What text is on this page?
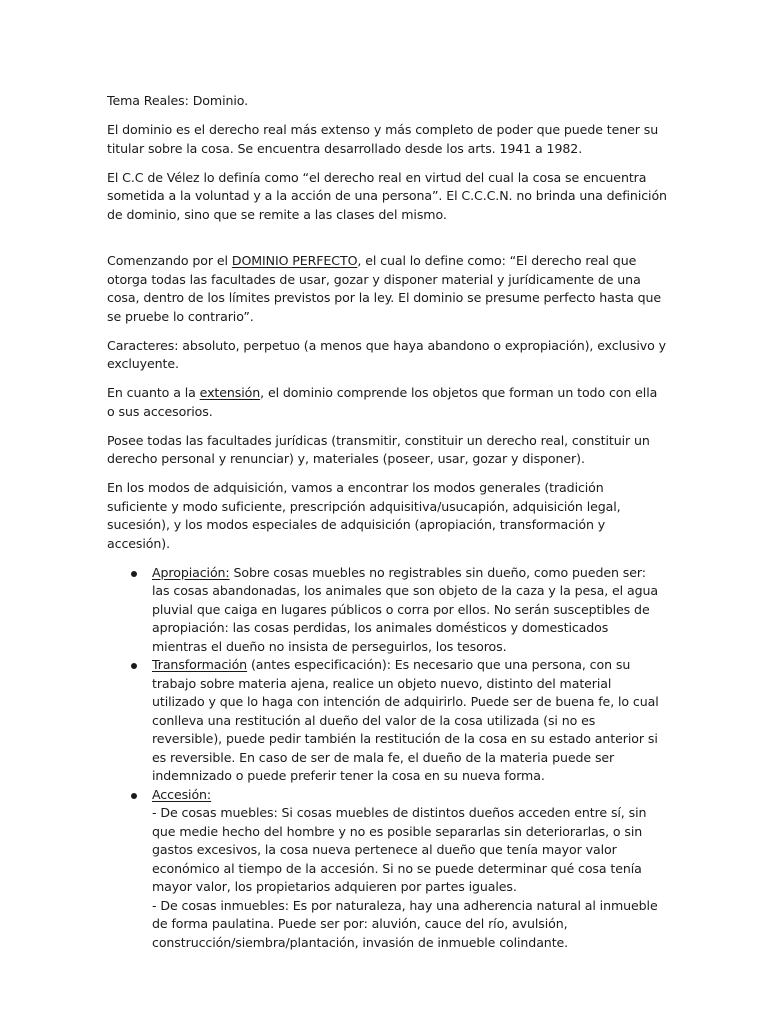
Tema Reales: Dominio.

El dominio es el derecho real más extenso y más completo de poder que puede tener su titular sobre la cosa. Se encuentra desarrollado desde los arts. 1941 a 1982.

El C.C de Vélez lo definía como “el derecho real en virtud del cual la cosa se encuentra sometida a la voluntad y a la acción de una persona”. El C.C.C.N. no brinda una definición de dominio, sino que se remite a las clases del mismo.

Comenzando por el DOMINIO PERFECTO, el cual lo define como: “El derecho real que otorga todas las facultades de usar, gozar y disponer material y jurídicamente de una cosa, dentro de los límites previstos por la ley. El dominio se presume perfecto hasta que se pruebe lo contrario”.

Caracteres: absoluto, perpetuo (a menos que haya abandono o expropiación), exclusivo y excluyente.

En cuanto a la extensión, el dominio comprende los objetos que forman un todo con ella o sus accesorios.

Posee todas las facultades jurídicas (transmitir, constituir un derecho real, constituir un derecho personal y renunciar) y, materiales (poseer, usar, gozar y disponer).

En los modos de adquisición, vamos a encontrar los modos generales (tradición suficiente y modo suficiente, prescripción adquisitiva/usucapión, adquisición legal, sucesión), y los modos especiales de adquisición (apropiación, transformación y accesión).

Apropiación: Sobre cosas muebles no registrables sin dueño, como pueden ser: las cosas abandonadas, los animales que son objeto de la caza y la pesa, el agua pluvial que caiga en lugares públicos o corra por ellos. No serán susceptibles de apropiación: las cosas perdidas, los animales domésticos y domesticados mientras el dueño no insista de perseguirlos, los tesoros.
Transformación (antes especificación): Es necesario que una persona, con su trabajo sobre materia ajena, realice un objeto nuevo, distinto del material utilizado y que lo haga con intención de adquirirlo. Puede ser de buena fe, lo cual conlleva una restitución al dueño del valor de la cosa utilizada (si no es reversible), puede pedir también la restitución de la cosa en su estado anterior si es reversible. En caso de ser de mala fe, el dueño de la materia puede ser indemnizado o puede preferir tener la cosa en su nueva forma.
Accesión:
- De cosas muebles: Si cosas muebles de distintos dueños acceden entre sí, sin que medie hecho del hombre y no es posible separarlas sin deteriorarlas, o sin gastos excesivos, la cosa nueva pertenece al dueño que tenía mayor valor económico al tiempo de la accesión. Si no se puede determinar qué cosa tenía mayor valor, los propietarios adquieren por partes iguales.
- De cosas inmuebles: Es por naturaleza, hay una adherencia natural al inmueble de forma paulatina. Puede ser por: aluvión, cauce del río, avulsión, construcción/siembra/plantación, invasión de inmueble colindante.
